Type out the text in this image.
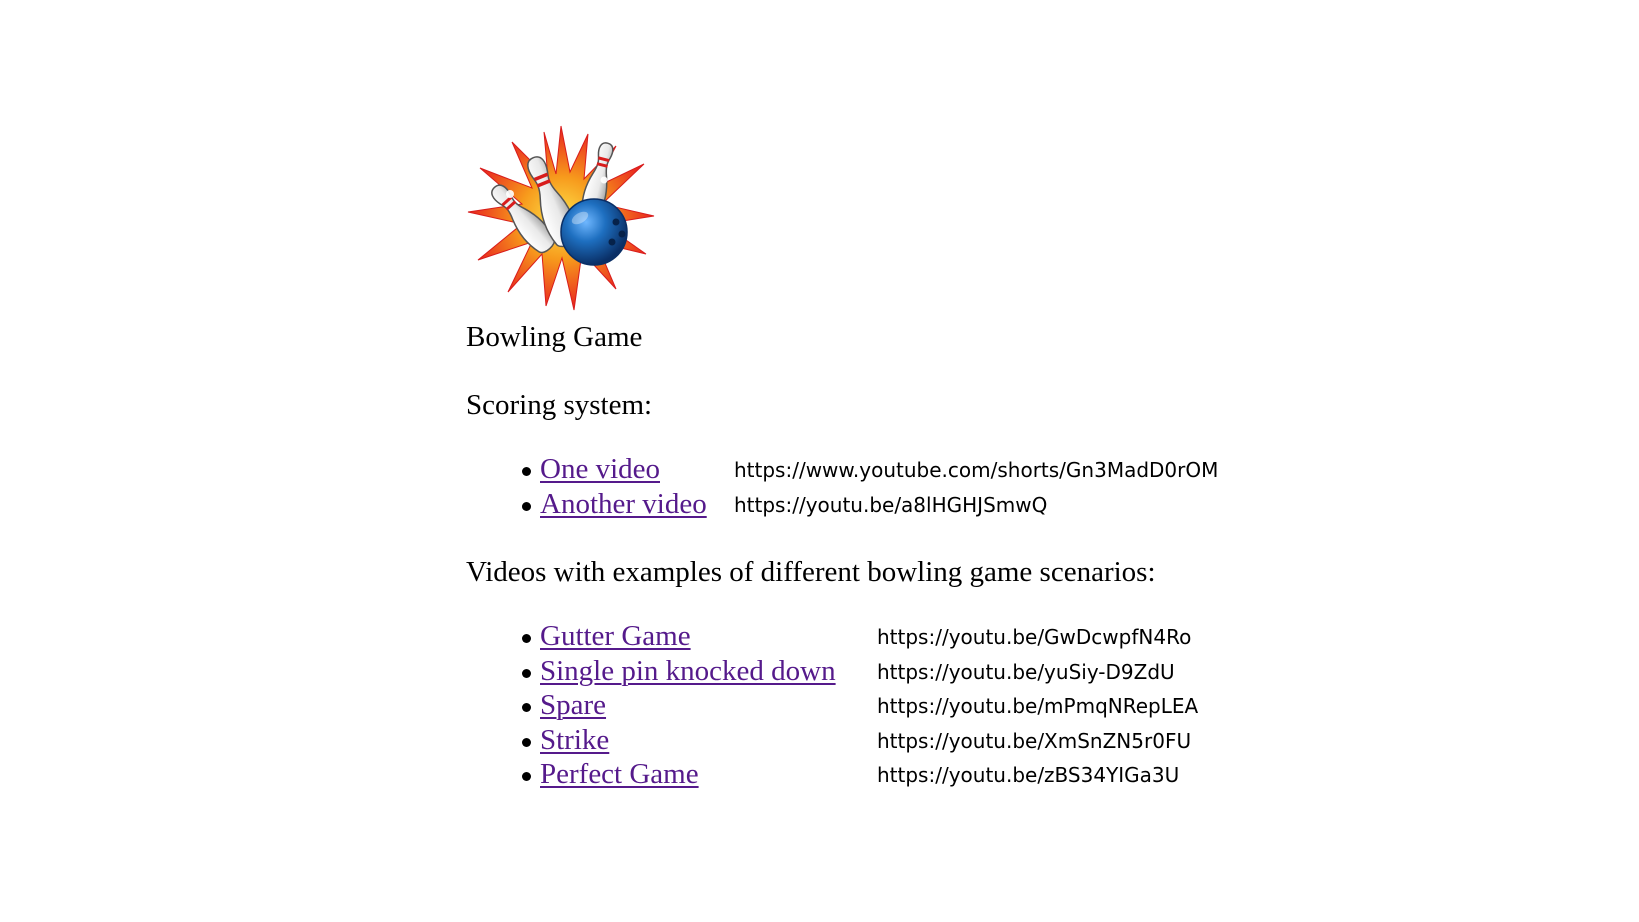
Bowling Game
Scoring system:
One video	https://www.youtube.com/shorts/Gn3MadD0rOM
Another video https://youtu.be/a8lHGHJSmwQ
Videos with examples of different bowling game scenarios:
Gutter Game	https://youtu.be/GwDcwpfN4Ro
Single pin knocked down https://youtu.be/yuSiy-D9ZdU
Spare	https://youtu.be/mPmqNRepLEA
Strike	https://youtu.be/XmSnZN5r0FU
Perfect Game	https://youtu.be/zBS34YIGa3U
